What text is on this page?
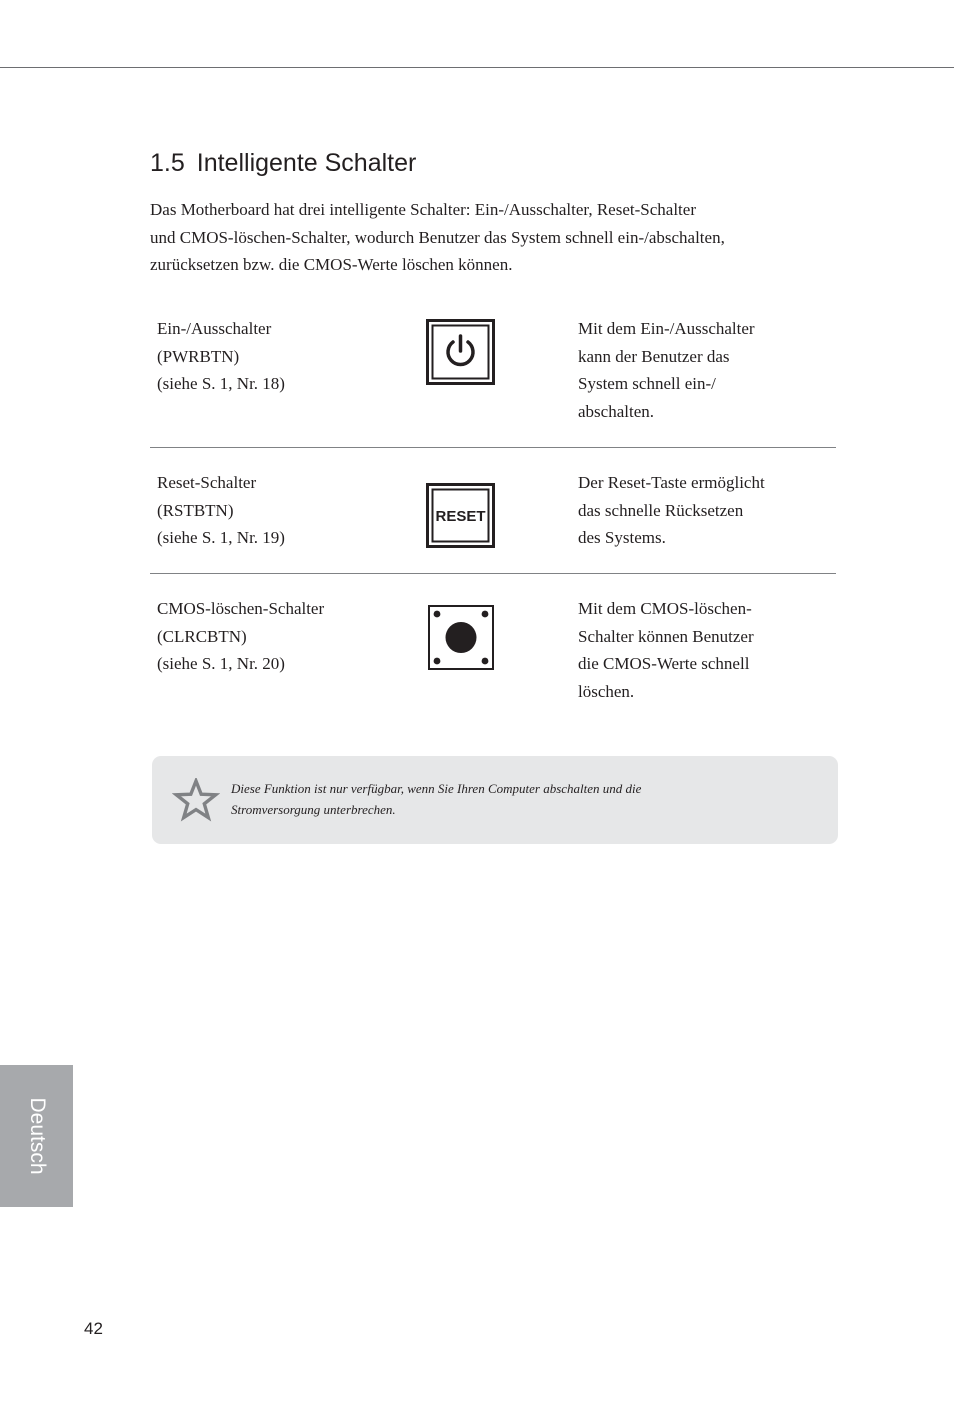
1.5 Intelligente Schalter
Das Motherboard hat drei intelligente Schalter: Ein-/Ausschalter, Reset-Schalter
und CMOS-löschen-Schalter, wodurch Benutzer das System schnell ein-/abschalten,
zurücksetzen bzw. die CMOS-Werte löschen können.
Ein-/Ausschalter
(PWRBTN)
(siehe S. 1, Nr. 18)
Mit dem Ein-/Ausschalter
kann der Benutzer das
System schnell ein-/
abschalten.
Reset-Schalter
(RSTBTN)
(siehe S. 1, Nr. 19)
RESET
Der Reset-Taste ermöglicht
das schnelle Rücksetzen
des Systems.
CMOS-löschen-Schalter
(CLRCBTN)
(siehe S. 1, Nr. 20)
Mit dem CMOS-löschen-
Schalter können Benutzer
die CMOS-Werte schnell
löschen.
Diese Funktion ist nur verfügbar, wenn Sie Ihren Computer abschalten und die
Stromversorgung unterbrechen.
Deutsch
42
